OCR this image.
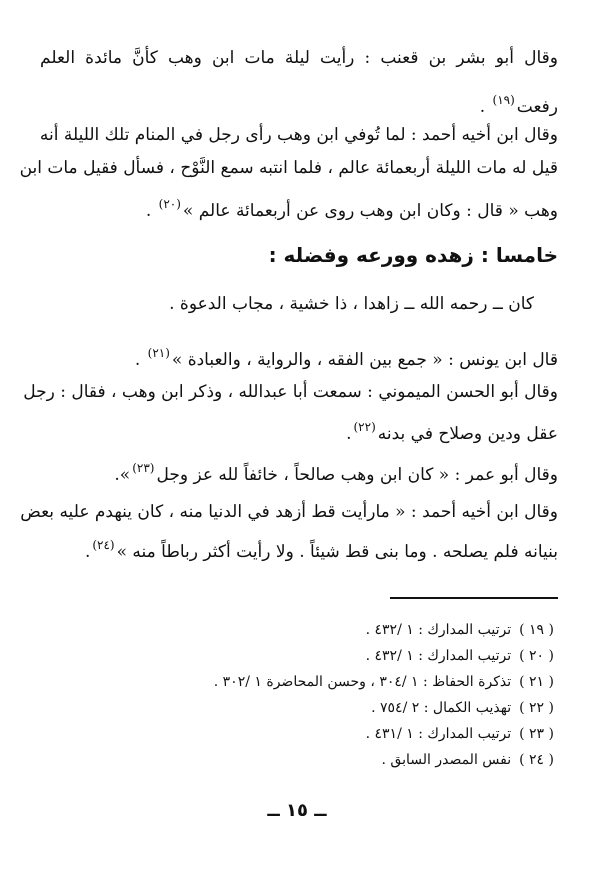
وقال أبو بشر بن قعنب : رأيت ليلة مات ابن وهب كأنَّ مائدة العلم
رفعت$^{(١٩)}$ .
وقال ابن أخيه أحمد : لما تُوفي ابن وهب رأى رجل في المنام تلك الليلة أنه
قيل له مات الليلة أربعمائة عالم ، فلما انتبه سمع النَّوْح ، فسأل فقيل مات ابن
وهب « قال : وكان ابن وهب روى عن أربعمائة عالم »$^{(٢٠)}$ .
خامسا : زهده وورعه وفضله :
كان ــ رحمه الله ــ زاهدا ، ذا خشية ، مجاب الدعوة .
قال ابن يونس : « جمع بين الفقه ، والرواية ، والعبادة »$^{(٢١)}$ .
وقال أبو الحسن الميموني : سمعت أبا عبدالله ، وذكر ابن وهب ، فقال : رجل
عقل ودين وصلاح في بدنه$^{(٢٢)}$.
وقال أبو عمر : « كان ابن وهب صالحاً ، خائفاً لله عز وجل$^{(٢٣)}$».
وقال ابن أخيه أحمد : « مارأيت قط أزهد في الدنيا منه ، كان ينهدم عليه بعض
بنيانه فلم يصلحه . وما بنى قط شيئاً . ولا رأيت أكثر رباطاً منه »$^{(٢٤)}$.
( ١٩ )ترتيب المدارك : ١ /٤٣٢ .
( ٢٠ )ترتيب المدارك : ١ /٤٣٢ .
( ٢١ )تذكرة الحفاظ : ١ /٣٠٤ ، وحسن المحاضرة ١ /٣٠٢ .
( ٢٢ )تهذيب الكمال : ٢ /٧٥٤ .
( ٢٣ )ترتيب المدارك : ١ /٤٣١ .
( ٢٤ )نفس المصدر السابق .
ــ ١٥ ــ
